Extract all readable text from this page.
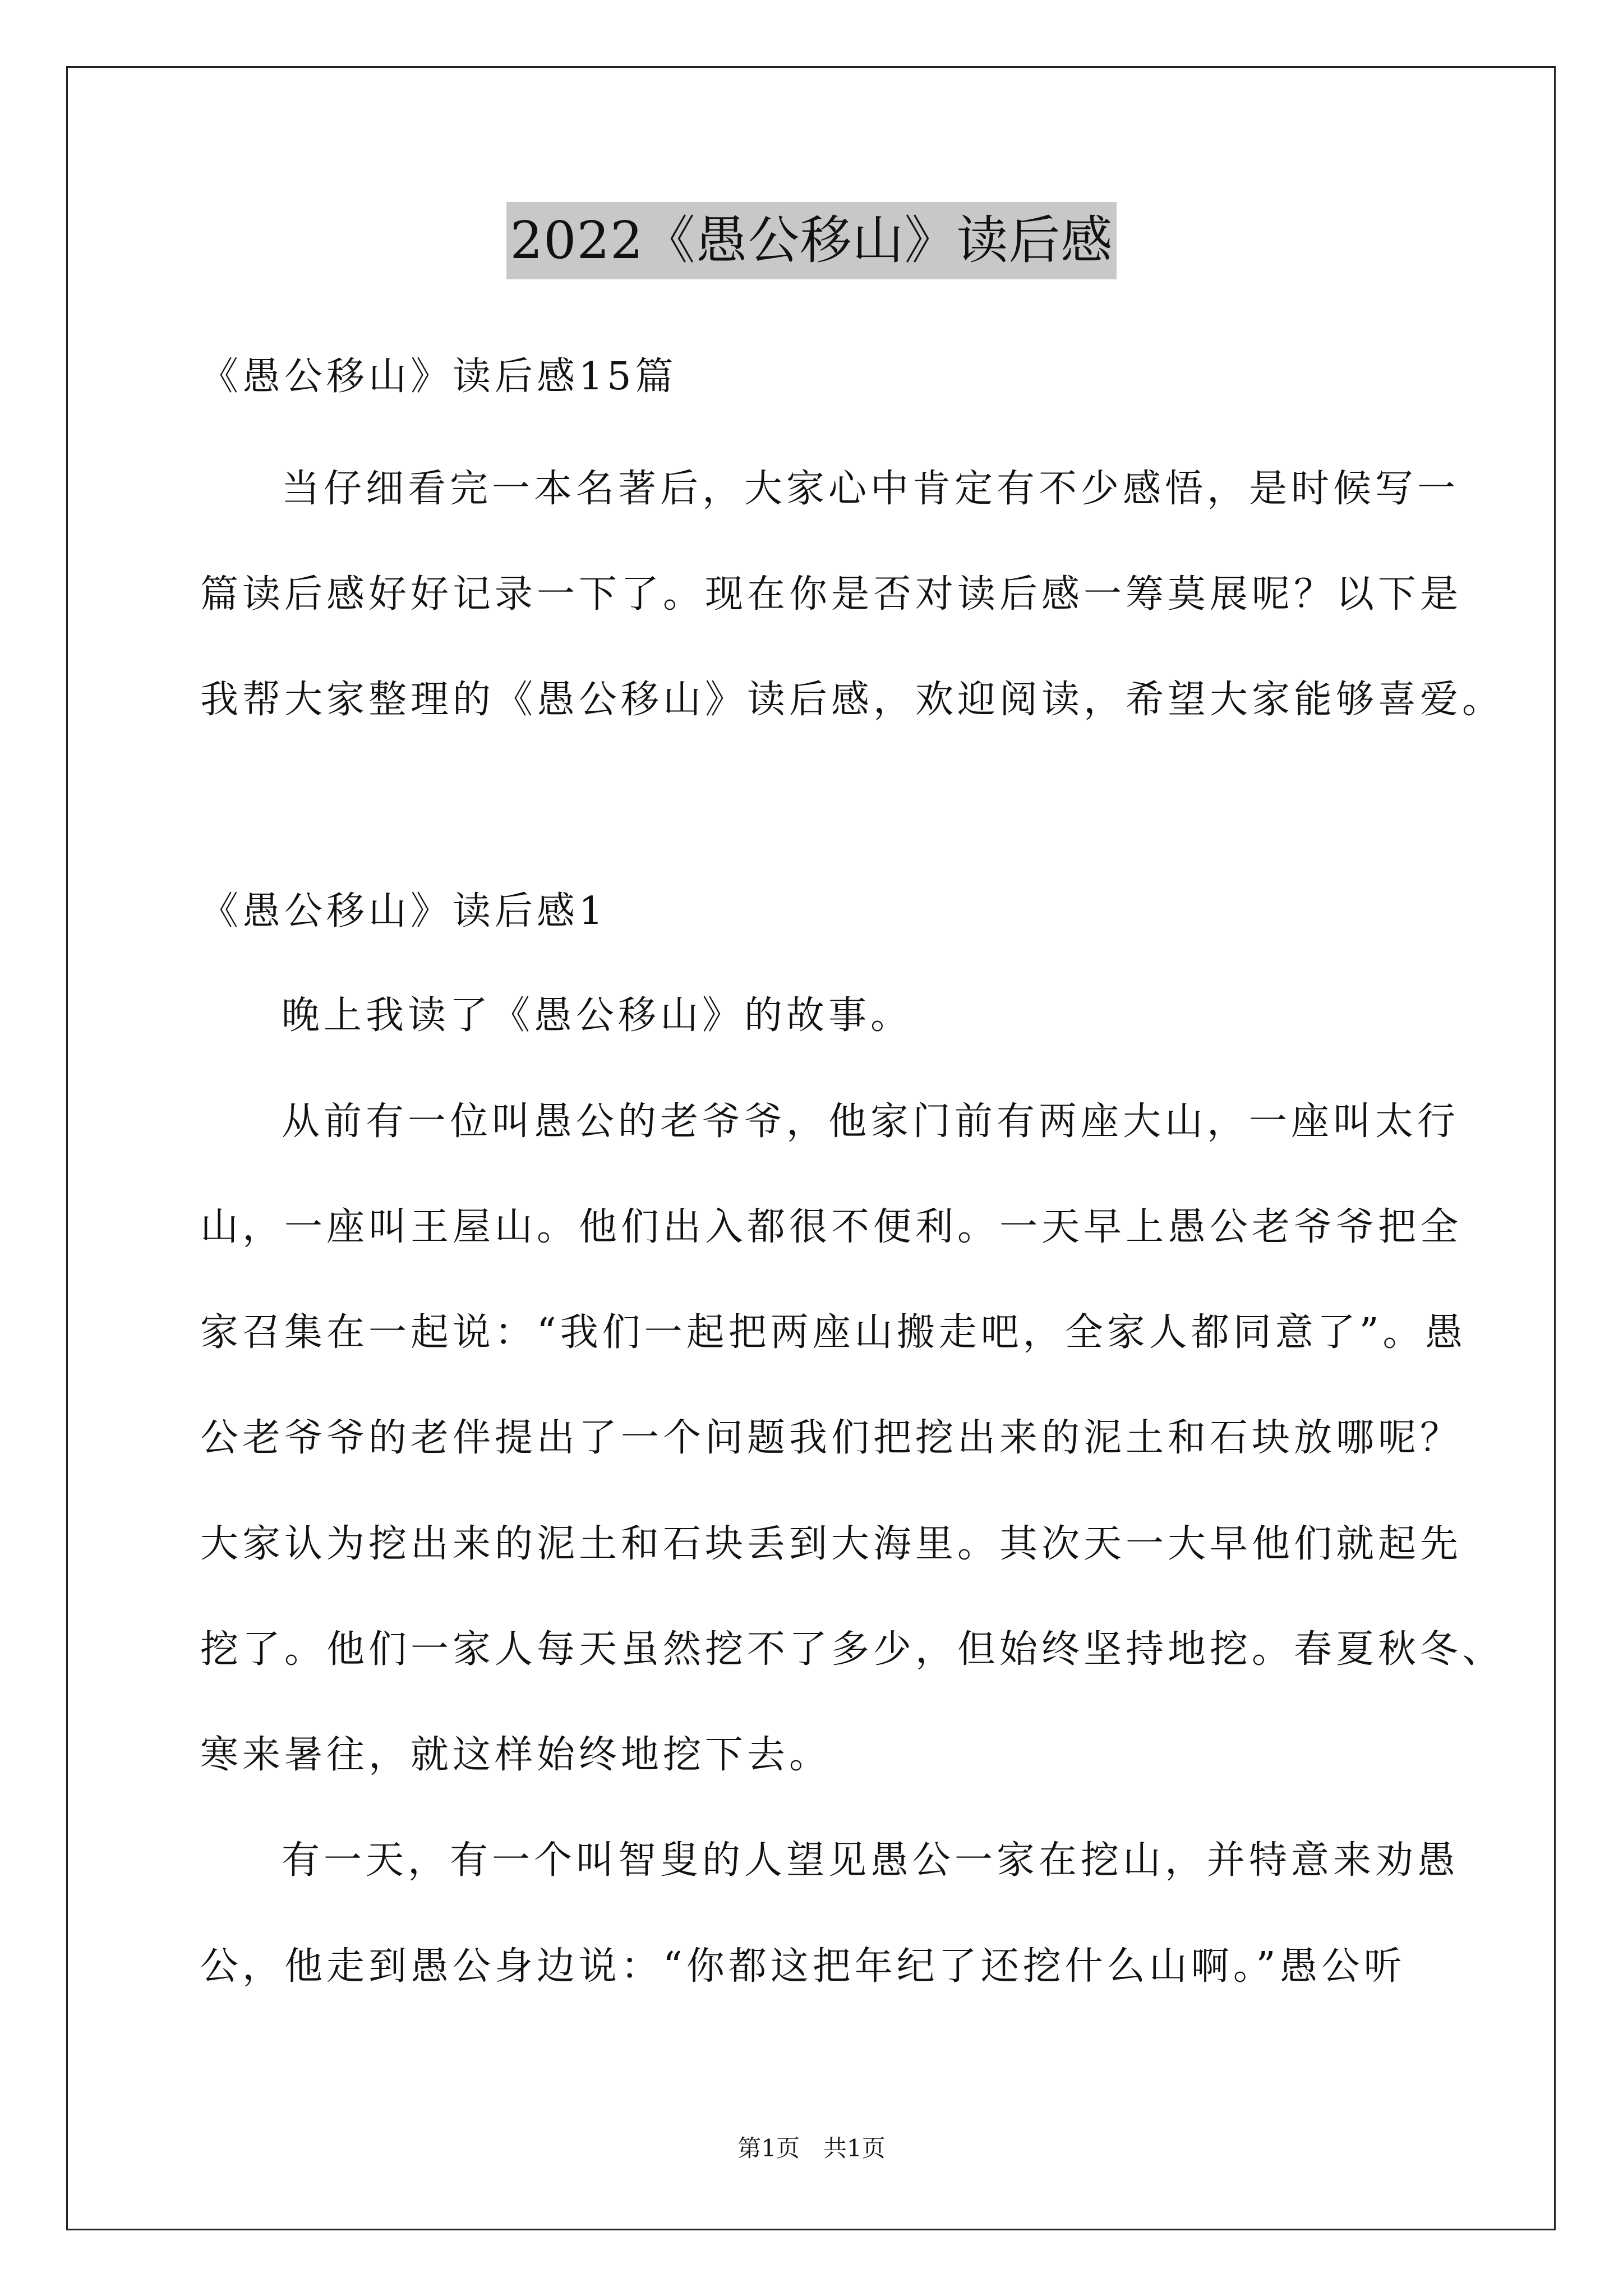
2022《愚公移山》读后感
《愚公移山》读后感15篇
当仔细看完一本名著后，大家心中肯定有不少感悟，是时候写一
篇读后感好好记录一下了。现在你是否对读后感一筹莫展呢？以下是
我帮大家整理的《愚公移山》读后感，欢迎阅读，希望大家能够喜爱。
《愚公移山》读后感1
晚上我读了《愚公移山》的故事。
从前有一位叫愚公的老爷爷，他家门前有两座大山，一座叫太行
山，一座叫王屋山。他们出入都很不便利。一天早上愚公老爷爷把全
家召集在一起说：“我们一起把两座山搬走吧，全家人都同意了”。愚
公老爷爷的老伴提出了一个问题我们把挖出来的泥土和石块放哪呢？
大家认为挖出来的泥土和石块丢到大海里。其次天一大早他们就起先
挖了。他们一家人每天虽然挖不了多少，但始终坚持地挖。春夏秋冬、
寒来暑往，就这样始终地挖下去。
有一天，有一个叫智叟的人望见愚公一家在挖山，并特意来劝愚
公，他走到愚公身边说：“你都这把年纪了还挖什么山啊。”愚公听
第1页　共1页
